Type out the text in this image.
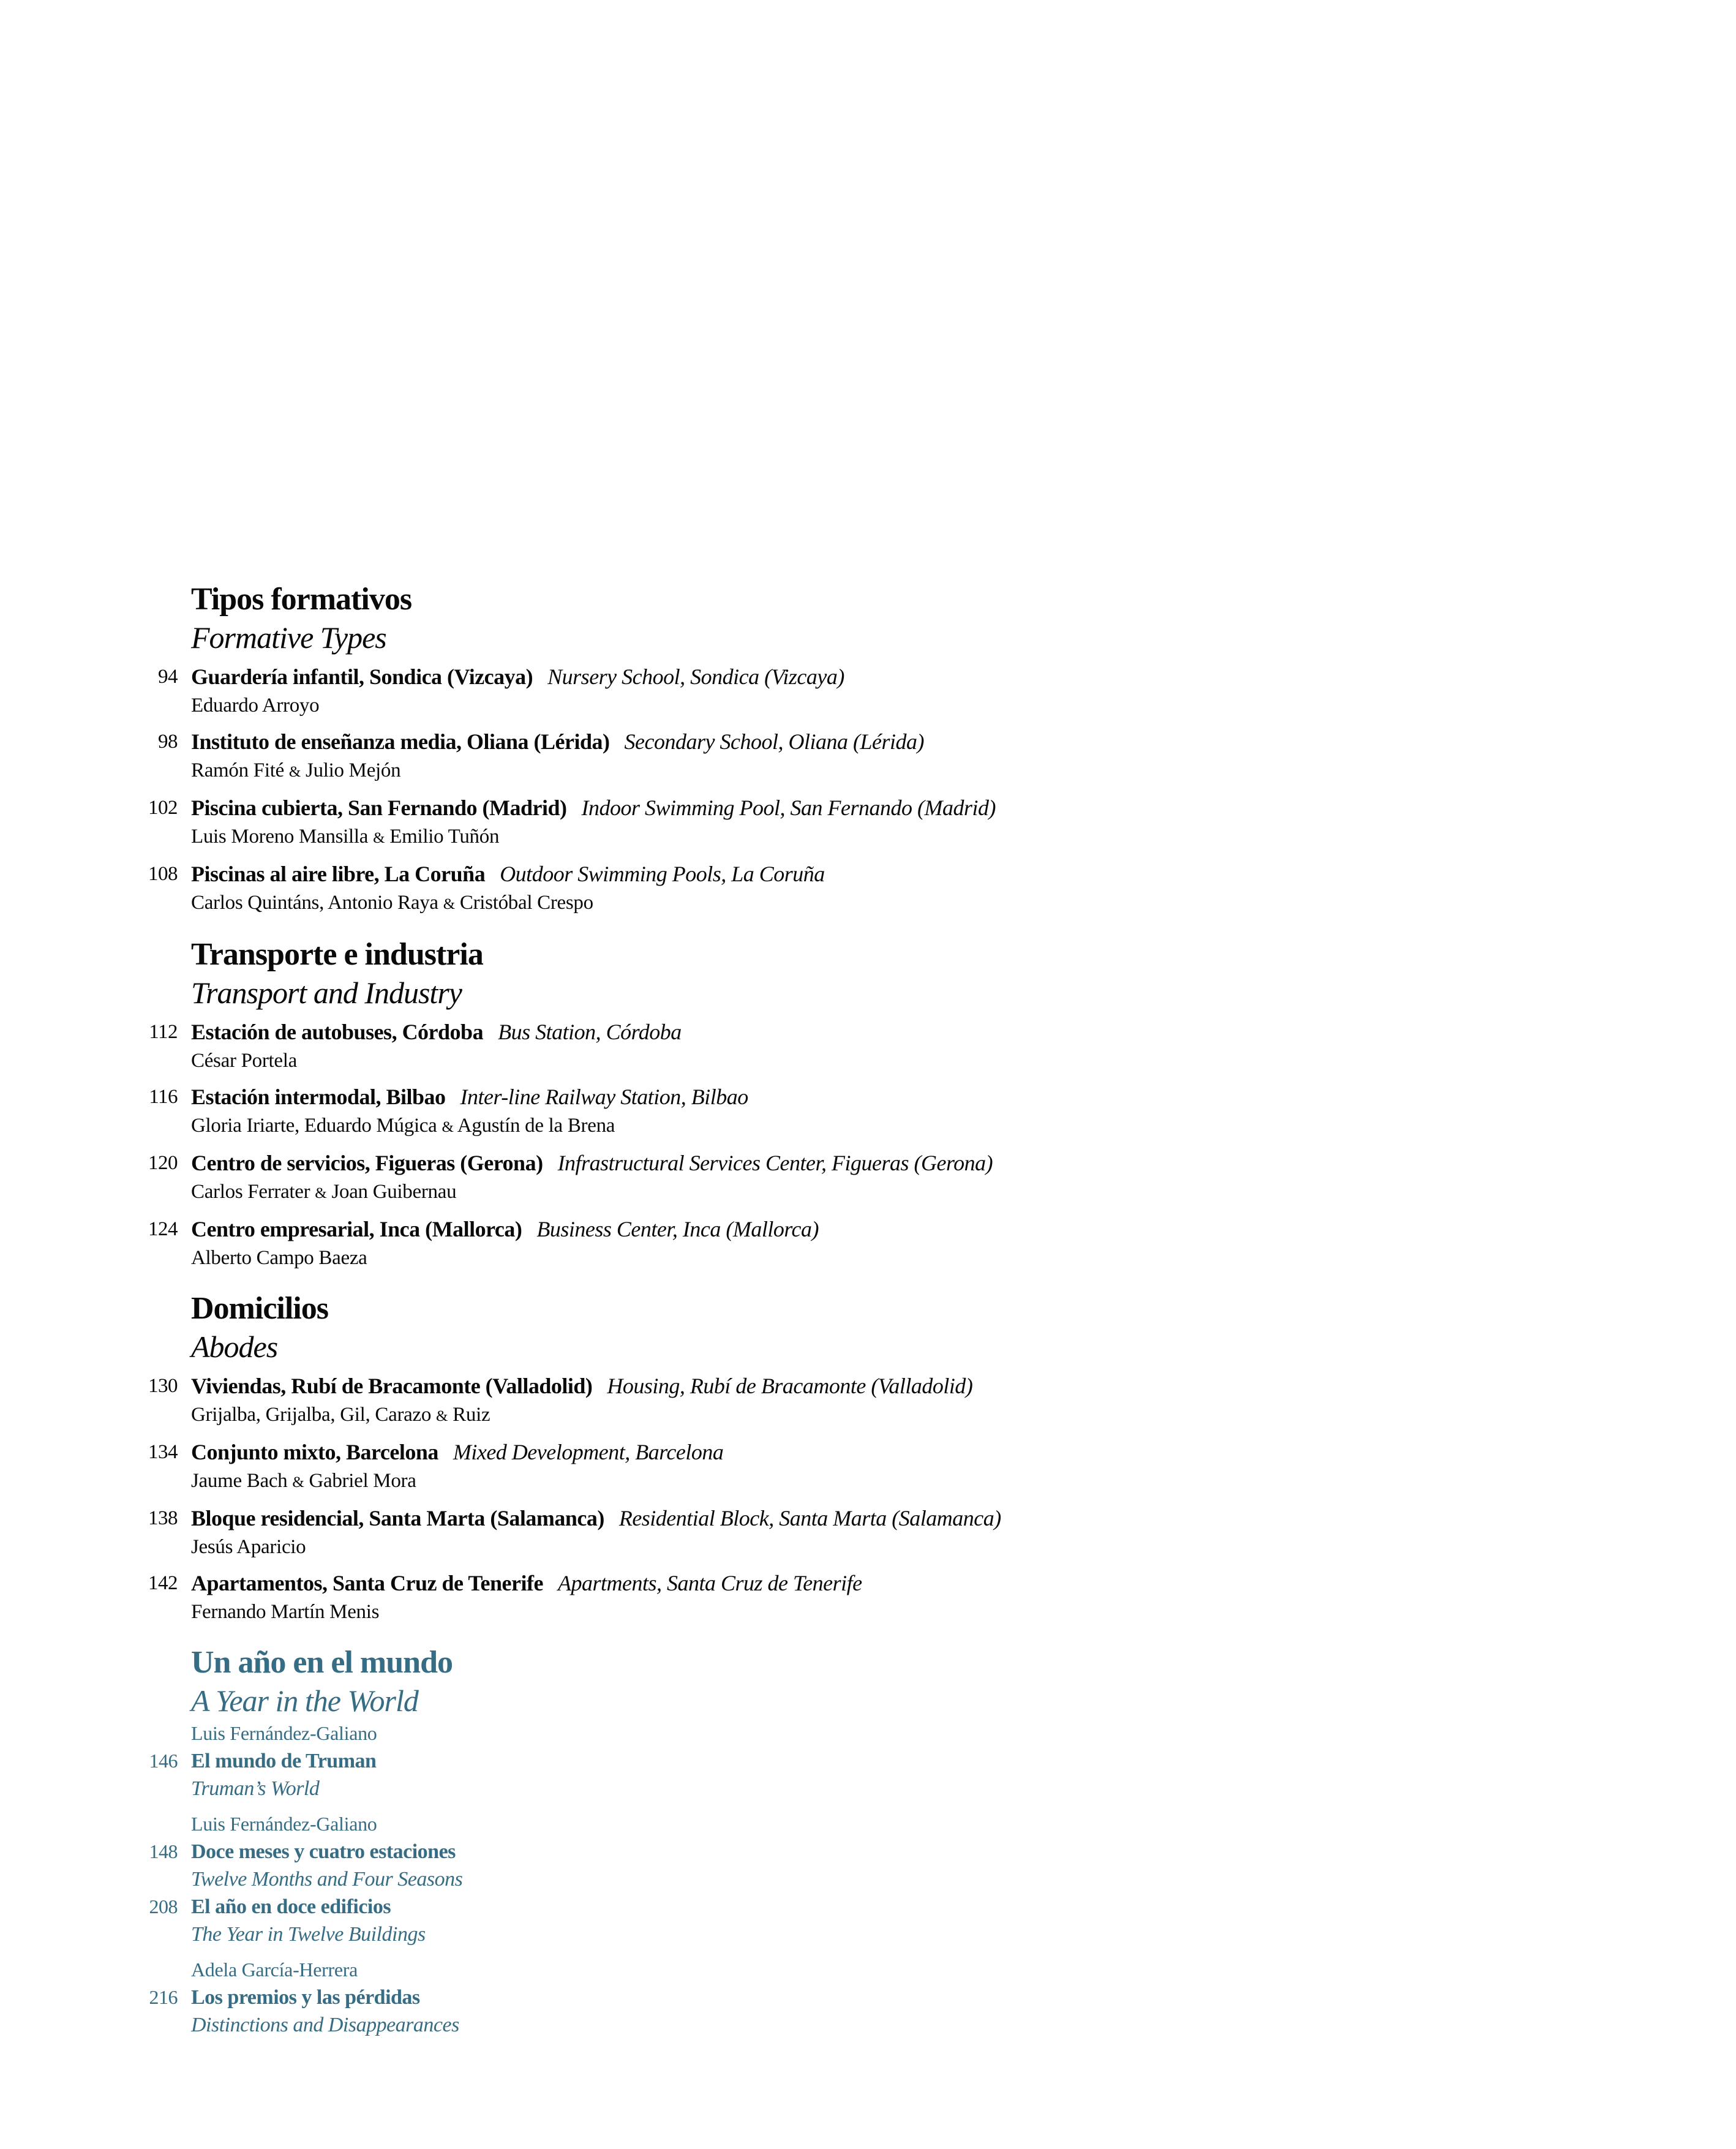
Tipos formativos
Formative Types
94 Guardería infantil, Sondica (Vizcaya) Nursery School, Sondica (Vizcaya)
Eduardo Arroyo
98 Instituto de enseñanza media, Oliana (Lérida) Secondary School, Oliana (Lérida)
Ramón Fité & Julio Mejón
102 Piscina cubierta, San Fernando (Madrid) Indoor Swimming Pool, San Fernando (Madrid)
Luis Moreno Mansilla & Emilio Tuñón
108 Piscinas al aire libre, La Coruña Outdoor Swimming Pools, La Coruña
Carlos Quintáns, Antonio Raya & Cristóbal Crespo
Transporte e industria
Transport and Industry
112 Estación de autobuses, Córdoba Bus Station, Córdoba
César Portela
116 Estación intermodal, Bilbao Inter-line Railway Station, Bilbao
Gloria Iriarte, Eduardo Múgica & Agustín de la Brena
120 Centro de servicios, Figueras (Gerona) Infrastructural Services Center, Figueras (Gerona)
Carlos Ferrater & Joan Guibernau
124 Centro empresarial, Inca (Mallorca) Business Center, Inca (Mallorca)
Alberto Campo Baeza
Domicilios
Abodes
130 Viviendas, Rubí de Bracamonte (Valladolid) Housing, Rubí de Bracamonte (Valladolid)
Grijalba, Grijalba, Gil, Carazo & Ruiz
134 Conjunto mixto, Barcelona Mixed Development, Barcelona
Jaume Bach & Gabriel Mora
138 Bloque residencial, Santa Marta (Salamanca) Residential Block, Santa Marta (Salamanca)
Jesús Aparicio
142 Apartamentos, Santa Cruz de Tenerife Apartments, Santa Cruz de Tenerife
Fernando Martín Menis
Un año en el mundo
A Year in the World
Luis Fernández-Galiano
146 El mundo de Truman
Truman’s World
Luis Fernández-Galiano
148 Doce meses y cuatro estaciones
Twelve Months and Four Seasons
208 El año en doce edificios
The Year in Twelve Buildings
Adela García-Herrera
216 Los premios y las pérdidas
Distinctions and Disappearances
